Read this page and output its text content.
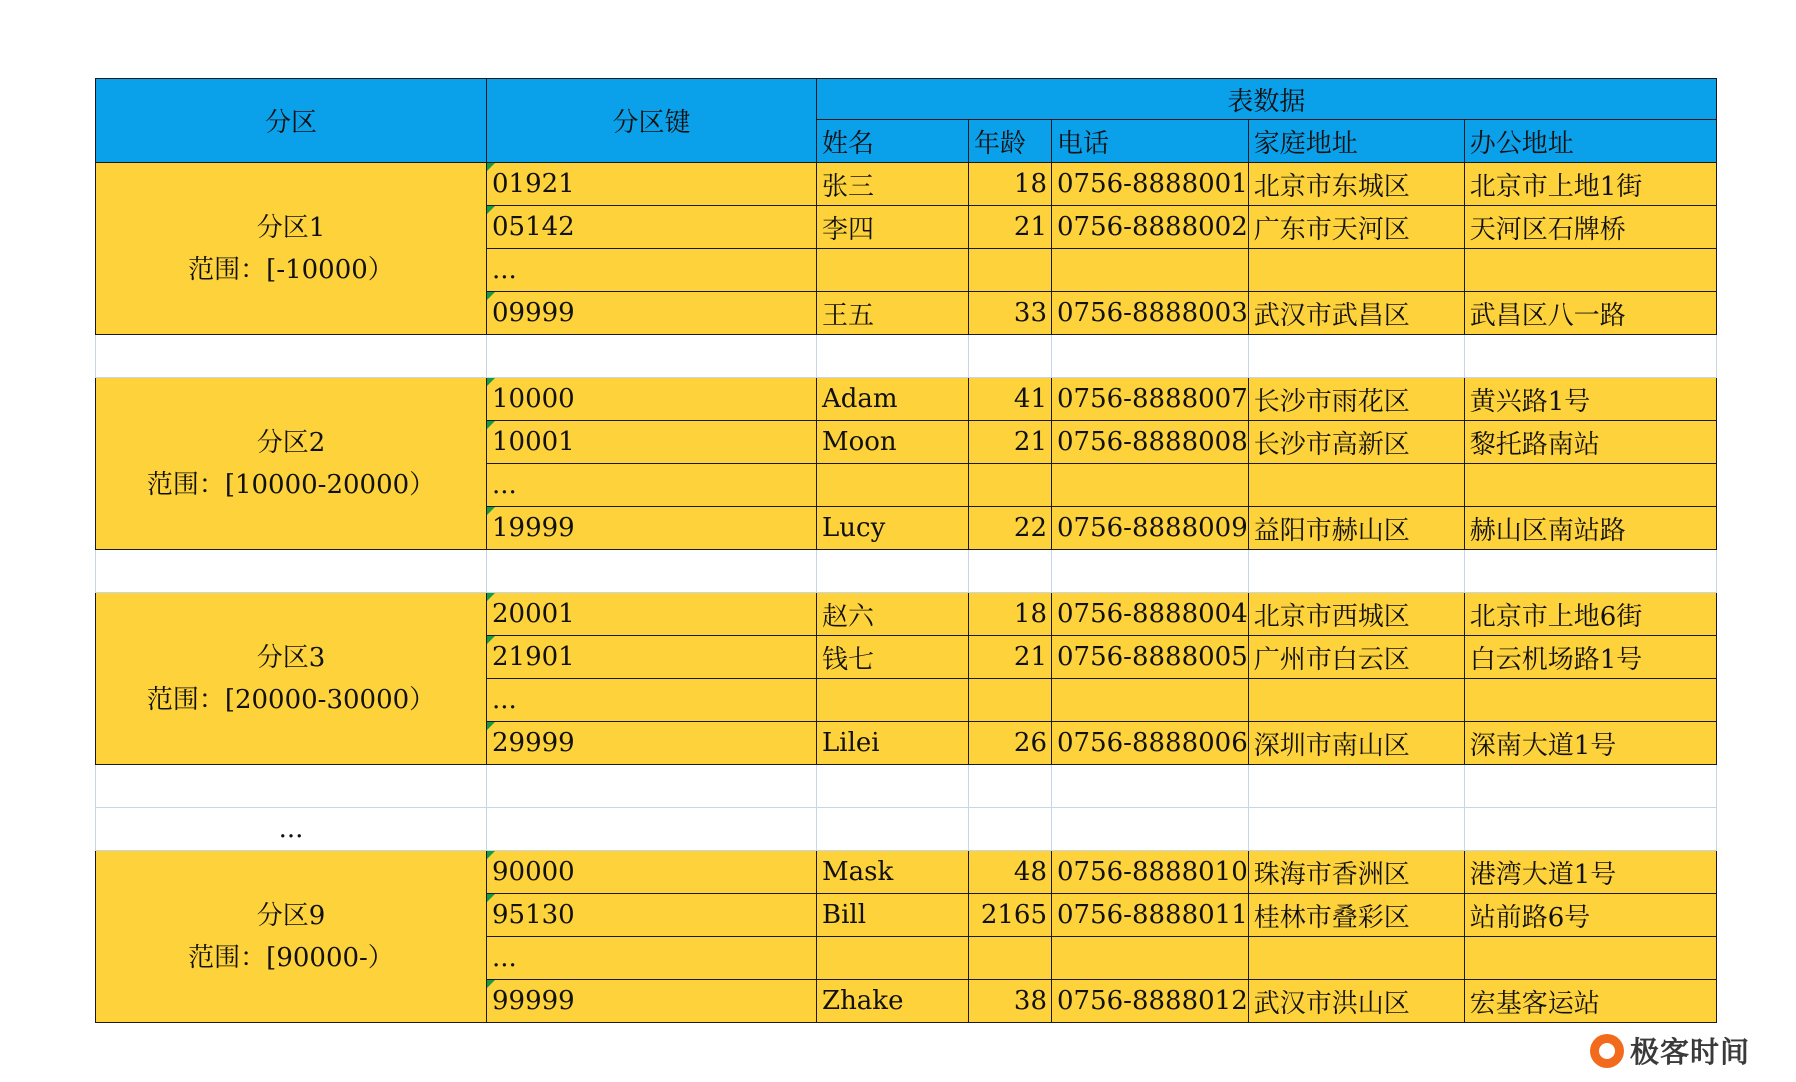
分区	分区键	表数据				
		姓名	年龄	电话	家庭地址	办公地址

分区1
范围：[-10000）	01921	张三	18	0756-8888001	北京市东城区	北京市上地1街
	05142	李四	21	0756-8888002	广东市天河区	天河区石牌桥
	...					
	09999	王五	33	0756-8888003	武汉市武昌区	武昌区八一路

分区2
范围：[10000-20000）	10000	Adam	41	0756-8888007	长沙市雨花区	黄兴路1号
	10001	Moon	21	0756-8888008	长沙市高新区	黎托路南站
	...					
	19999	Lucy	22	0756-8888009	益阳市赫山区	赫山区南站路

分区3
范围：[20000-30000）	20001	赵六	18	0756-8888004	北京市西城区	北京市上地6街
	21901	钱七	21	0756-8888005	广州市白云区	白云机场路1号
	...					
	29999	Lilei	26	0756-8888006	深圳市南山区	深南大道1号

...						

分区9
范围：[90000-）	90000	Mask	48	0756-8888010	珠海市香洲区	港湾大道1号
	95130	Bill	2165	0756-8888011	桂林市叠彩区	站前路6号
	...					
	99999	Zhake	38	0756-8888012	武汉市洪山区	宏基客运站
极客时间
